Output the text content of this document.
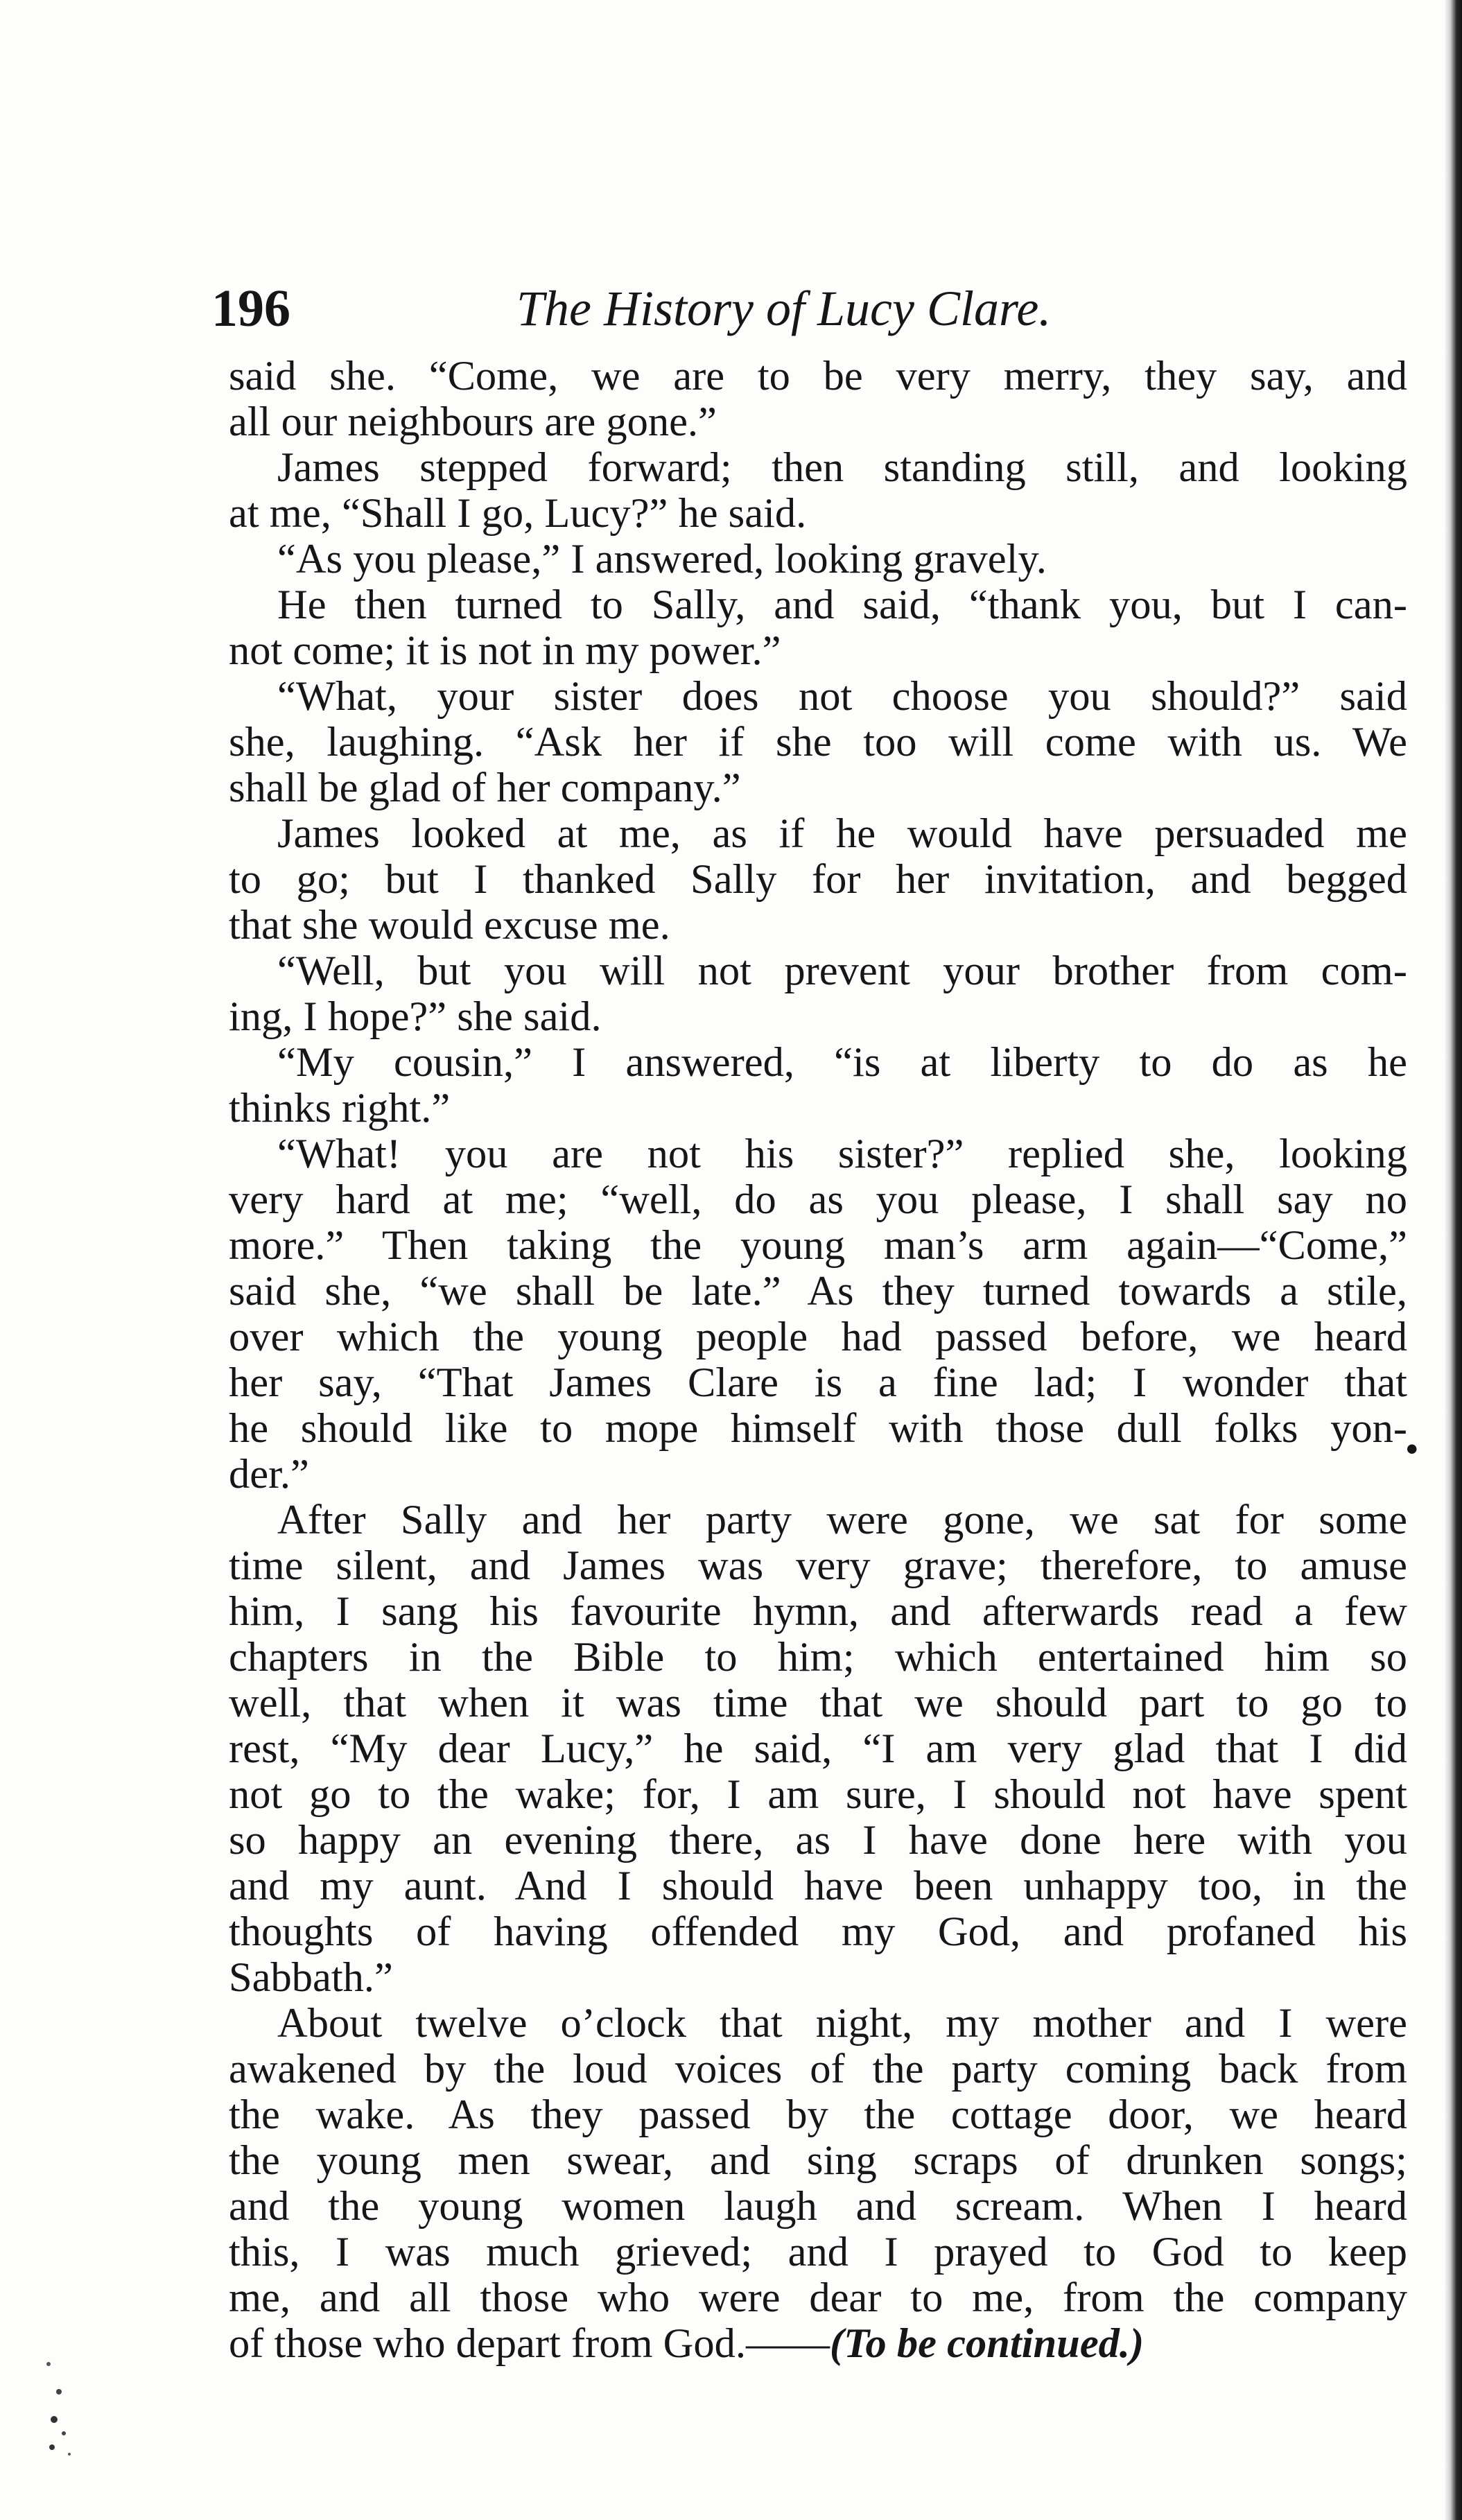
196	The History of Lucy Clare.
•
said she. “Come, we are to be very merry, they say, and
all our neighbours are gone.”
James stepped forward; then standing still, and looking
at me, “Shall I go, Lucy?” he said.
“As you please,” I answered, looking gravely.
He then turned to Sally, and said, “thank you, but I can-
not come; it is not in my power.”
“What, your sister does not choose you should?” said
she, laughing. “Ask her if she too will come with us. We
shall be glad of her company.”
James looked at me, as if he would have persuaded me
to go; but I thanked Sally for her invitation, and begged
that she would excuse me.
“Well, but you will not prevent your brother from com-
ing, I hope?” she said.
“My cousin,” I answered, “is at liberty to do as he
thinks right.”
“What! you are not his sister?” replied she, looking
very hard at me; “well, do as you please, I shall say no
more.” Then taking the young man’s arm again—“Come,”
said she, “we shall be late.” As they turned towards a stile,
over which the young people had passed before, we heard
her say, “That James Clare is a fine lad; I wonder that
he should like to mope himself with those dull folks yon-
der.”
After Sally and her party were gone, we sat for some
time silent, and James was very grave; therefore, to amuse
him, I sang his favourite hymn, and afterwards read a few
chapters in the Bible to him; which entertained him so
well, that when it was time that we should part to go to
rest, “My dear Lucy,” he said, “I am very glad that I did
not go to the wake; for, I am sure, I should not have spent
so happy an evening there, as I have done here with you
and my aunt. And I should have been unhappy too, in the
thoughts of having offended my God, and profaned his
Sabbath.”
About twelve o’clock that night, my mother and I were
awakened by the loud voices of the party coming back from
the wake. As they passed by the cottage door, we heard
the young men swear, and sing scraps of drunken songs;
and the young women laugh and scream. When I heard
this, I was much grieved; and I prayed to God to keep
me, and all those who were dear to me, from the company
of those who depart from God.——(To be continued.)
